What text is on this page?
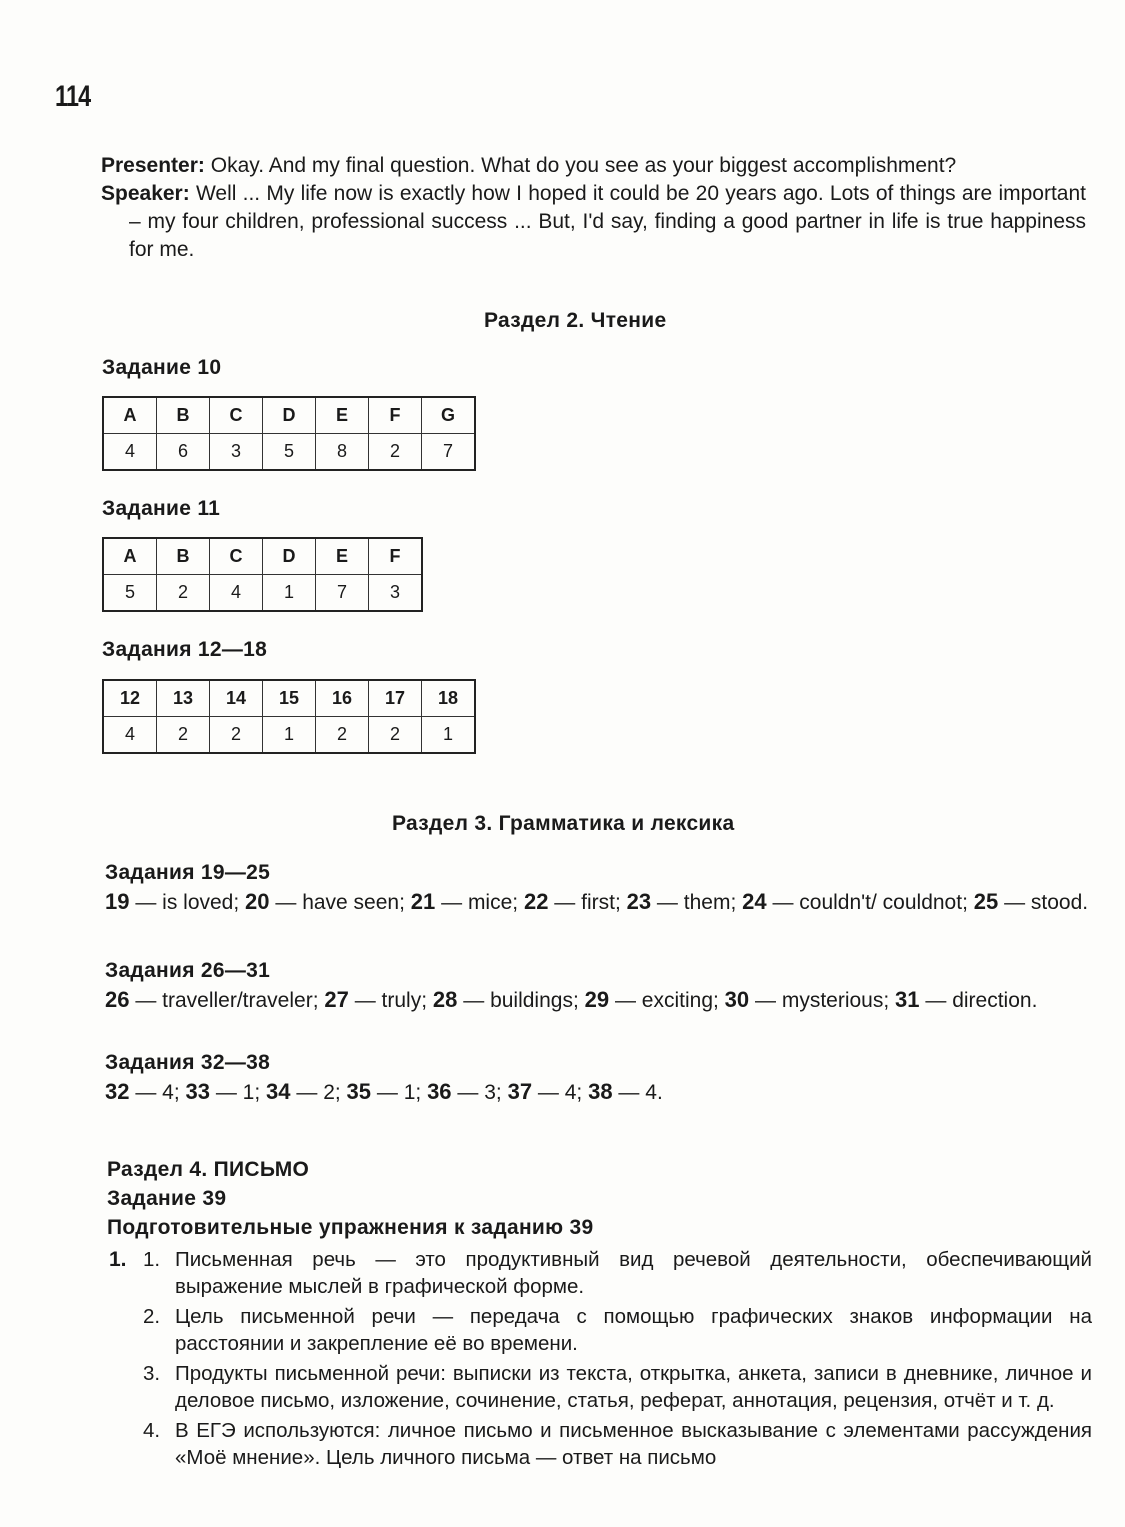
114

Presenter: Okay. And my final question. What do you see as your biggest accomplishment?

Speaker: Well ... My life now is exactly how I hoped it could be 20 years ago. Lots of things are important – my four children, professional success ... But, I'd say, finding a good partner in life is true happiness for me.

Раздел 2. Чтение
Задание 10
A	B	C	D	E	F	G
4	6	3	5	8	2	7
Задание 11
A	B	C	D	E	F
5	2	4	1	7	3
Задания 12—18
12	13	14	15	16	17	18
4	2	2	1	2	2	1
Раздел 3. Грамматика и лексика
Задания 19—25
19 — is loved; 20 — have seen; 21 — mice; 22 — first; 23 — them; 24 — couldn't/ couldnot; 25 — stood.
Задания 26—31
26 — traveller/traveler; 27 — truly; 28 — buildings; 29 — exciting; 30 — mysterious; 31 — direction.
Задания 32—38
32 — 4; 33 — 1; 34 — 2; 35 — 1; 36 — 3; 37 — 4; 38 — 4.
Раздел 4. ПИСЬМО
Задание 39
Подготовительные упражнения к заданию 39
1. 1. Письменная речь — это продуктивный вид речевой деятельности, обеспечивающий выражение мыслей в графической форме.
2. Цель письменной речи — передача с помощью графических знаков информации на расстоянии и закрепление её во времени.
3. Продукты письменной речи: выписки из текста, открытка, анкета, записи в дневнике, личное и деловое письмо, изложение, сочинение, статья, реферат, аннотация, рецензия, отчёт и т. д.
4. В ЕГЭ используются: личное письмо и письменное высказывание с элементами рассуждения «Моё мнение». Цель личного письма — ответ на письмо
